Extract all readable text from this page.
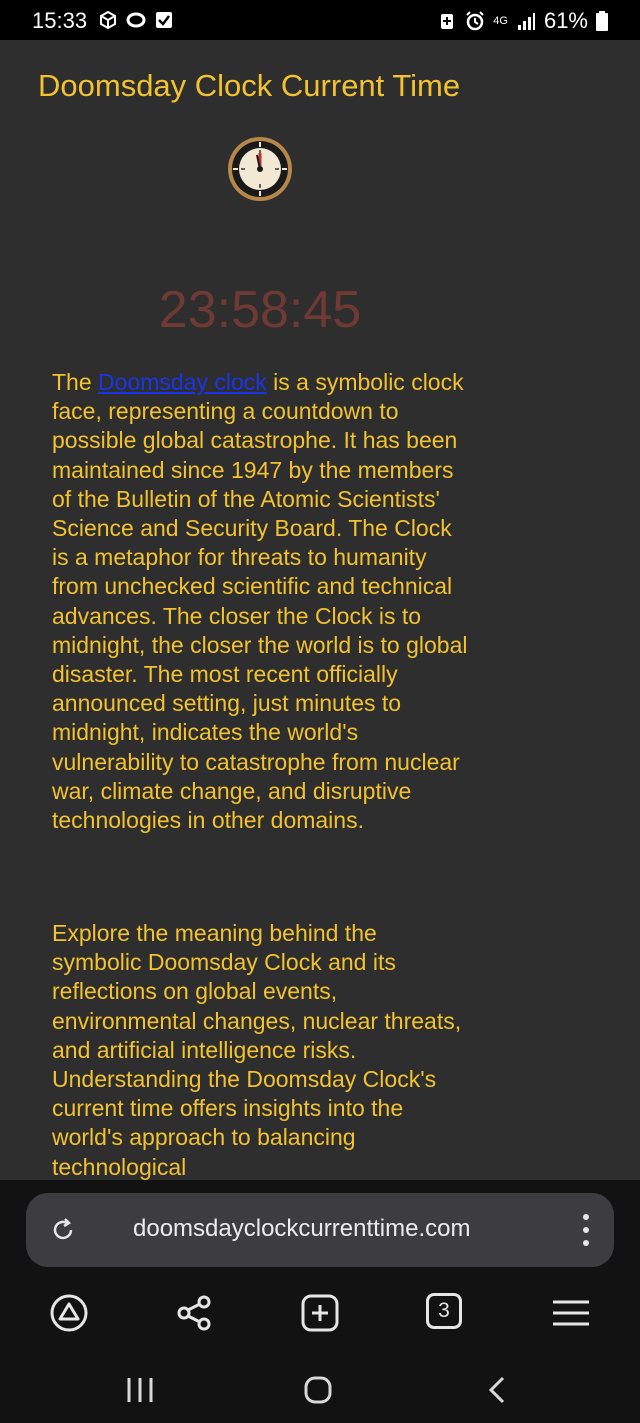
15:33	4G 61%
Doomsday Clock Current Time
23:58:45

The Doomsday clock is a symbolic clock face, representing a countdown to possible global catastrophe. It has been maintained since 1947 by the members of the Bulletin of the Atomic Scientists' Science and Security Board. The Clock is a metaphor for threats to humanity from unchecked scientific and technical advances. The closer the Clock is to midnight, the closer the world is to global disaster. The most recent officially announced setting, just minutes to midnight, indicates the world's vulnerability to catastrophe from nuclear war, climate change, and disruptive technologies in other domains.

Explore the meaning behind the symbolic Doomsday Clock and its reflections on global events, environmental changes, nuclear threats, and artificial intelligence risks. Understanding the Doomsday Clock's current time offers insights into the world's approach to balancing technological

doomsdayclockcurrenttime.com
3
